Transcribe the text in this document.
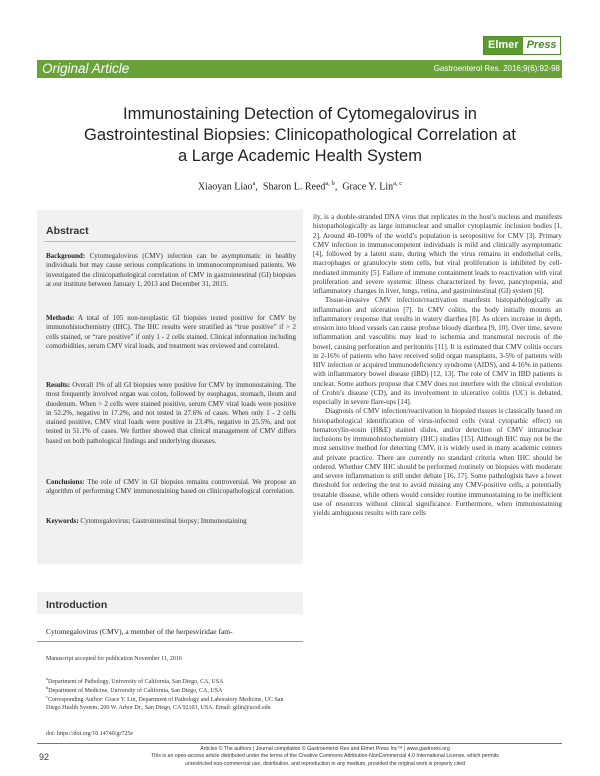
Elmer Press
Original Article	Gastroenterol Res. 2016;9(6):92-98
Immunostaining Detection of Cytomegalovirus in
Gastrointestinal Biopsies: Clinicopathological Correlation at
a Large Academic Health System
Xiaoyan Liao$^a$,  Sharon L. Reed$^{a, b}$,  Grace Y. Lin$^{a, c}$
Abstract
Background: Cytomegalovirus (CMV) infection can be asymptomatic in healthy individuals but may cause serious complications in immunocompromised patients. We investigated the clinicopathological correlation of CMV in gastrointestinal (GI) biopsies at our institute between January 1, 2013 and December 31, 2015.
Methods: A total of 105 non-neoplastic GI biopsies tested positive for CMV by immunohistochemistry (IHC). The IHC results were stratified as “true positive” if > 2 cells stained, or “rare positive” if only 1 - 2 cells stained. Clinical information including comorbidities, serum CMV viral loads, and treatment was reviewed and correlated.
Results: Overall 1% of all GI biopsies were positive for CMV by immunostaining. The most frequently involved organ was colon, followed by esophagus, stomach, ileum and duodenum. When > 2 cells were stained positive, serum CMV viral loads were positive in 52.2%, negative in 17.2%, and not tested in 27.6% of cases. When only 1 - 2 cells stained positive, CMV viral loads were positive in 23.4%, negative in 25.5%, and not tested in 51.1% of cases. We further showed that clinical management of CMV differs based on both pathological findings and underlying diseases.
Conclusions: The role of CMV in GI biopsies remains controversial. We propose an algorithm of performing CMV immunostaining based on clinicopathological correlation.
Keywords: Cytomegalovirus; Gastrointestinal biopsy; Immunostaining
Introduction
Cytomegalovirus (CMV), a member of the herpesviridae fam-
Manuscript accepted for publication November 11, 2016
$^a$Department of Pathology, University of California, San Diego, CA, USA
$^b$Department of Medicine, University of California, San Diego, CA, USA
$^c$Corresponding Author: Grace Y. Lin, Department of Pathology and Laboratory Medicine, UC San Diego Health System, 200 W. Arbor Dr., San Diego, CA 92103, USA. Email: gilin@ucsd.edu
doi: https://doi.org/10.14740/gr725e

ily, is a double-stranded DNA virus that replicates in the host’s nucleus and manifests histopathologically as large intranuclear and smaller cytoplasmic inclusion bodies [1, 2]. Around 40-100% of the world’s population is seropositive for CMV [3]. Primary CMV infection in immunocompetent individuals is mild and clinically asymptomatic [4], followed by a latent state, during which the virus remains in endothelial cells, macrophages or granulocyte stem cells, but viral proliferation is inhibited by cell-mediated immunity [5]. Failure of immune containment leads to reactivation with viral proliferation and severe systemic illness characterized by fever, pancytopenia, and inflammatory changes in liver, lungs, retina, and gastrointestinal (GI) system [6].

Tissue-invasive CMV infection/reactivation manifests histopathologically as inflammation and ulceration [7]. In CMV colitis, the body initially mounts an inflammatory response that results in watery diarrhea [8]. As ulcers increase in depth, erosion into blood vessels can cause profuse bloody diarrhea [9, 10]. Over time, severe inflammation and vasculitis may lead to ischemia and transmural necrosis of the bowel, causing perforation and peritonitis [11]. It is estimated that CMV colitis occurs in 2-16% of patients who have received solid organ transplants, 3-5% of patients with HIV infection or acquired immunodeficiency syndrome (AIDS), and 4-16% in patients with inflammatory bowel disease (IBD) [12, 13]. The role of CMV in IBD patients is unclear. Some authors propose that CMV does not interfere with the clinical evolution of Crohn’s disease (CD), and its involvement in ulcerative colitis (UC) is debated, especially in severe flare-ups [14].

Diagnosis of CMV infection/reactivation in biopsied tissues is classically based on histopathological identification of virus-infected cells (viral cytopathic effect) on hematoxylin-eosin (H&E) stained slides, and/or detection of CMV intranuclear inclusions by immunohistochemistry (IHC) studies [15]. Although IHC may not be the most sensitive method for detecting CMV, it is widely used in many academic centers and private practice. There are currently no standard criteria when IHC should be ordered. Whether CMV IHC should be performed routinely on biopsies with moderate and severe inflammation is still under debate [16, 17]. Some pathologists have a lower threshold for ordering the test to avoid missing any CMV-positive cells, a potentially treatable disease, while others would consider routine immunostaining to be inefficient use of resources without clinical significance. Furthermore, when immunostaining yields ambiguous results with rare cells

92
Articles © The authors | Journal compilation © Gastroenterol Res and Elmer Press Inc™ | www.gastrores.org
This is an open-access article distributed under the terms of the Creative Commons Attribution-NonCommercial 4.0 International License, which permits
unrestricted non-commercial use, distribution, and reproduction in any medium, provided the original work is properly cited
